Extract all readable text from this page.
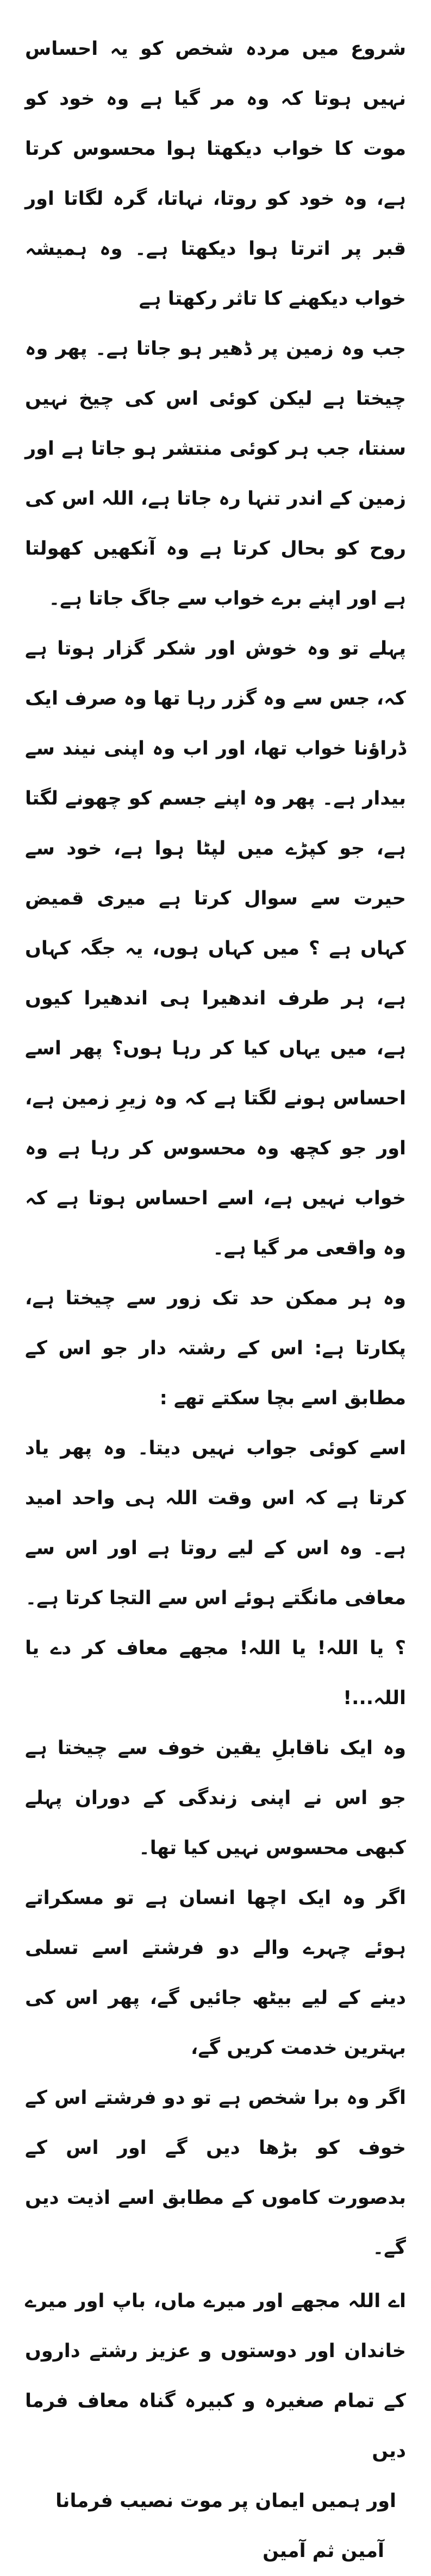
شروع میں مردہ شخص کو یہ احساس نہیں ہوتا کہ وہ مر گیا ہے وہ خود کو موت کا خواب دیکھتا ہوا محسوس کرتا ہے، وہ خود کو روتا، نہاتا، گرہ لگاتا اور قبر پر اترتا ہوا دیکھتا ہے۔ وہ ہمیشہ خواب دیکھنے کا تاثر رکھتا ہے

جب وہ زمین پر ڈھیر ہو جاتا ہے۔ پھر وہ چیختا ہے لیکن کوئی اس کی چیخ نہیں سنتا، جب ہر کوئی منتشر ہو جاتا ہے اور زمین کے اندر تنہا رہ جاتا ہے، اللہ اس کی روح کو بحال کرتا ہے وہ آنکھیں کھولتا ہے اور اپنے برے خواب سے جاگ جاتا ہے۔

پہلے تو وہ خوش اور شکر گزار ہوتا ہے کہ، جس سے وہ گزر رہا تھا وہ صرف ایک ڈراؤنا خواب تھا، اور اب وہ اپنی نیند سے بیدار ہے۔ پھر وہ اپنے جسم کو چھونے لگتا ہے، جو کپڑے میں لپٹا ہوا ہے، خود سے حیرت سے سوال کرتا ہے میری قمیض کہاں ہے ؟ میں کہاں ہوں، یہ جگہ کہاں ہے، ہر طرف اندھیرا ہی اندھیرا کیوں ہے، میں یہاں کیا کر رہا ہوں؟ پھر اسے احساس ہونے لگتا ہے کہ وہ زیرِ زمین ہے، اور جو کچھ وہ محسوس کر رہا ہے وہ خواب نہیں ہے، اسے احساس ہوتا ہے کہ وہ واقعی مر گیا ہے۔

وہ ہر ممکن حد تک زور سے چیختا ہے، پکارتا ہے: اس کے رشتہ دار جو اس کے مطابق اسے بچا سکتے تھے :

اسے کوئی جواب نہیں دیتا۔ وہ پھر یاد کرتا ہے کہ اس وقت اللہ ہی واحد امید ہے۔ وہ اس کے لیے روتا ہے اور اس سے معافی مانگتے ہوئے اس سے التجا کرتا ہے۔

؟ یا اللہ! یا اللہ! مجھے معاف کر دے یا اللہ...!

وہ ایک ناقابلِ یقین خوف سے چیختا ہے جو اس نے اپنی زندگی کے دوران پہلے کبھی محسوس نہیں کیا تھا۔

اگر وہ ایک اچھا انسان ہے تو مسکراتے ہوئے چہرے والے دو فرشتے اسے تسلی دینے کے لیے بیٹھ جائیں گے، پھر اس کی بہترین خدمت کریں گے،

اگر وہ برا شخص ہے تو دو فرشتے اس کے خوف کو بڑھا دیں گے اور اس کے بدصورت کاموں کے مطابق اسے اذیت دیں گے۔

اے اللہ مجھے اور میرے ماں، باپ اور میرے خاندان اور دوستوں و عزیز رشتے داروں کے تمام صغیرہ و کبیرہ گناہ معاف فرما دیں

اور ہمیں ایمان پر موت نصیب فرمانا

آمین ثم آمین
